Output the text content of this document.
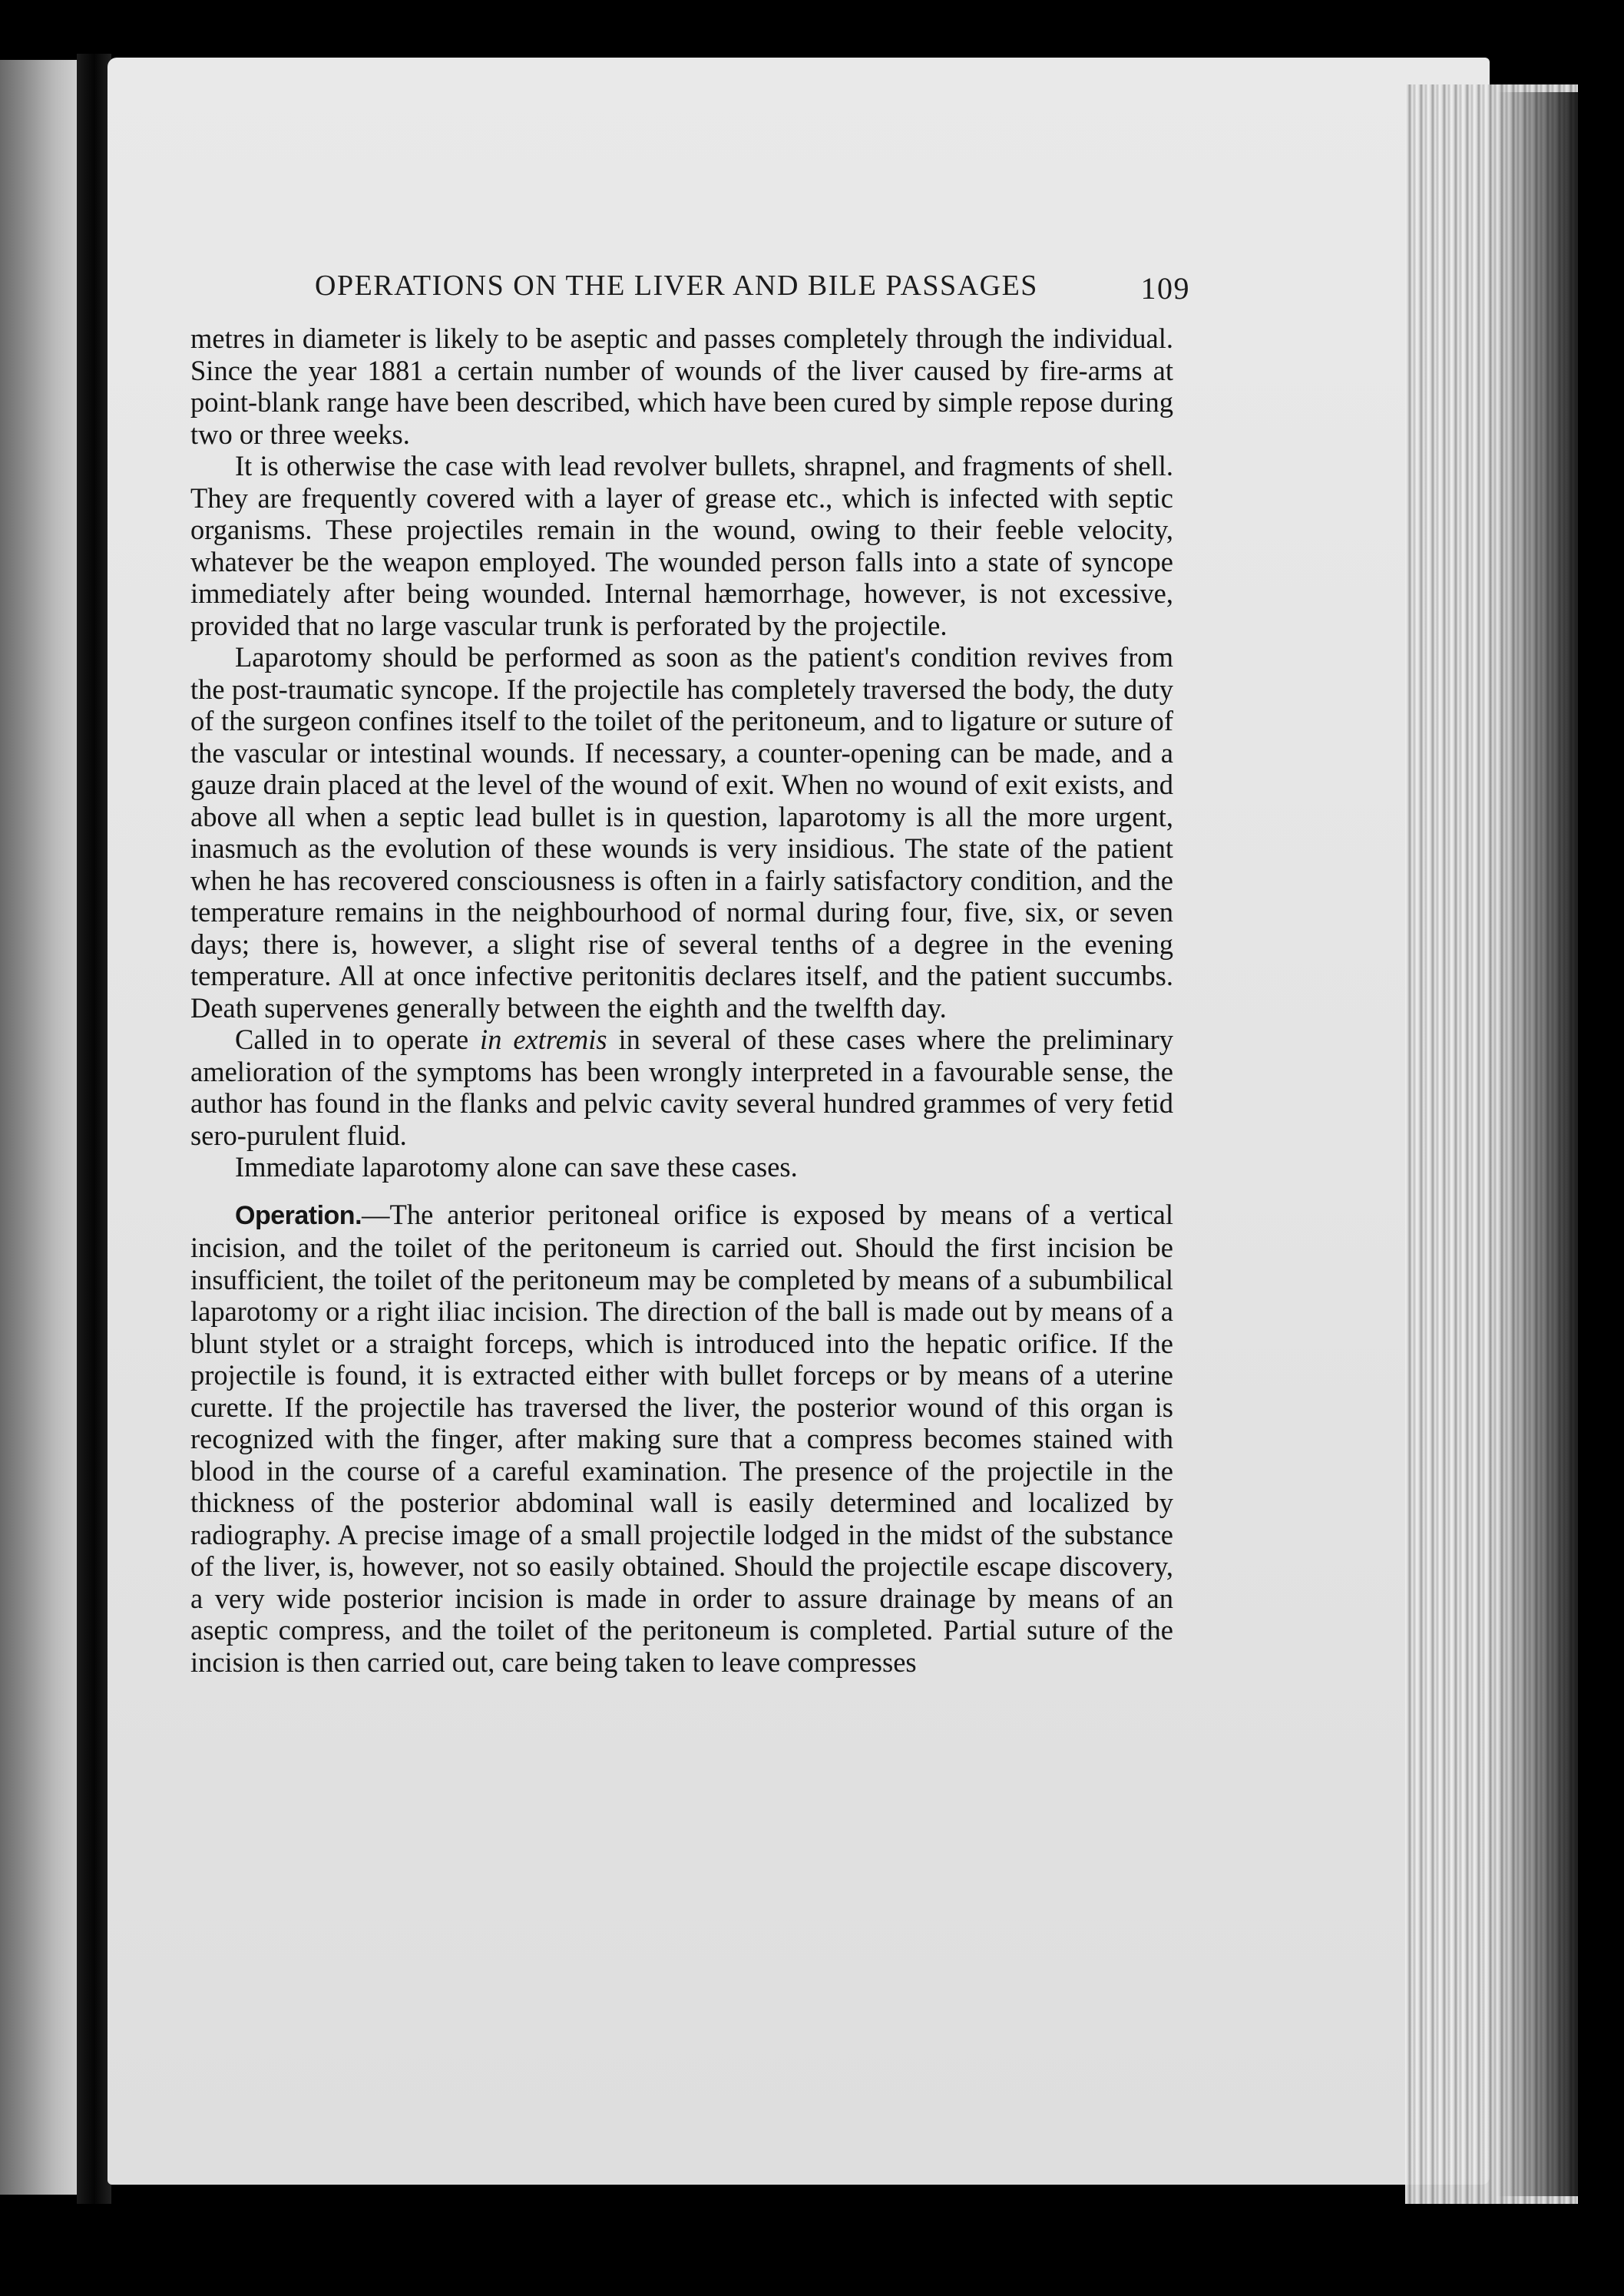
OPERATIONS ON THE LIVER AND BILE PASSAGES	109

metres in diameter is likely to be aseptic and passes completely through the individual. Since the year 1881 a certain number of wounds of the liver caused by fire-arms at point-blank range have been described, which have been cured by simple repose during two or three weeks.

It is otherwise the case with lead revolver bullets, shrapnel, and fragments of shell. They are frequently covered with a layer of grease etc., which is infected with septic organisms. These projectiles remain in the wound, owing to their feeble velocity, whatever be the weapon employed. The wounded person falls into a state of syncope immediately after being wounded. Internal hæmorrhage, however, is not excessive, provided that no large vascular trunk is perforated by the projectile.

Laparotomy should be performed as soon as the patient's condition revives from the post-traumatic syncope. If the projectile has completely traversed the body, the duty of the surgeon confines itself to the toilet of the peritoneum, and to ligature or suture of the vascular or intestinal wounds. If necessary, a counter-opening can be made, and a gauze drain placed at the level of the wound of exit. When no wound of exit exists, and above all when a septic lead bullet is in question, laparotomy is all the more urgent, inasmuch as the evolution of these wounds is very insidious. The state of the patient when he has recovered consciousness is often in a fairly satisfactory condition, and the temperature remains in the neighbourhood of normal during four, five, six, or seven days; there is, however, a slight rise of several tenths of a degree in the evening temperature. All at once infective peritonitis declares itself, and the patient succumbs. Death supervenes generally between the eighth and the twelfth day.

Called in to operate in extremis in several of these cases where the preliminary amelioration of the symptoms has been wrongly interpreted in a favourable sense, the author has found in the flanks and pelvic cavity several hundred grammes of very fetid sero-purulent fluid.

Immediate laparotomy alone can save these cases.

Operation.—The anterior peritoneal orifice is exposed by means of a vertical incision, and the toilet of the peritoneum is carried out. Should the first incision be insufficient, the toilet of the peritoneum may be completed by means of a subumbilical laparotomy or a right iliac incision. The direction of the ball is made out by means of a blunt stylet or a straight forceps, which is introduced into the hepatic orifice. If the projectile is found, it is extracted either with bullet forceps or by means of a uterine curette. If the projectile has traversed the liver, the posterior wound of this organ is recognized with the finger, after making sure that a compress becomes stained with blood in the course of a careful examination. The presence of the projectile in the thickness of the posterior abdominal wall is easily determined and localized by radiography. A precise image of a small projectile lodged in the midst of the substance of the liver, is, however, not so easily obtained. Should the projectile escape discovery, a very wide posterior incision is made in order to assure drainage by means of an aseptic compress, and the toilet of the peritoneum is completed. Partial suture of the incision is then carried out, care being taken to leave compresses
